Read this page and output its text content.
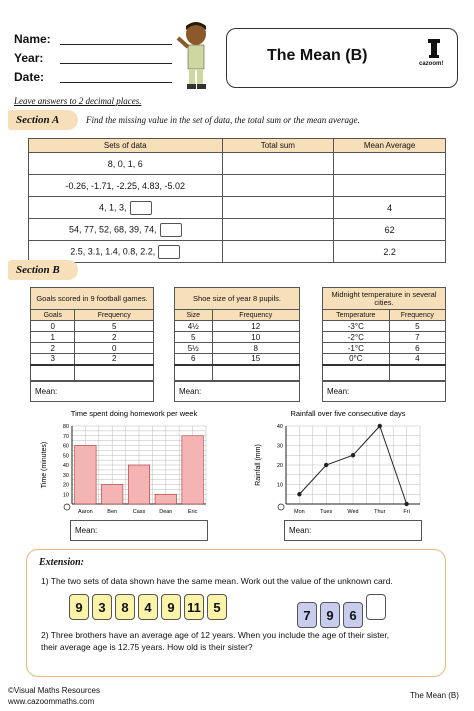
Name:
Year:
Date:
The Mean (B)	cazoom!
Leave answers to 2 decimal places.
Section A	Find the missing value in the set of data, the total sum or the mean average.
Sets of data	Total sum	Mean Average
8, 0, 1, 6		
-0.26, -1.71, -2.25, 4.83, -5.02		
4, 1, 3,		4
54, 77, 52, 68, 39, 74,		62
2.5, 3.1, 1.4, 0.8, 2.2,		2.2
Section B
Goals scored in 9 football games.	
Goals	Frequency
0	5
1	2
2	0
3	2

Shoe size of year 8 pupils.	
Size	Frequency
4½	12
5	10
5½	8
6	15

Midnight temperature in several cities.	
Temperature	Frequency
-3°C	5
-2°C	7
-1°C	6
0°C	4

Mean:	Mean:	Mean:
Time spent doing homework per week
Time (minutes)
10
20
30
40
50
60
70
80
Aaron	Ben	Cass	Dean	Eric
Rainfall over five consecutive days
Rainfall (mm)	10
20
30
40
Mon	Tues	Wed	Thur	Fri
Mean:	Mean:
Extension:
1) The two sets of data shown have the same mean. Work out the value of the unknown card.
9 3 8 4 9 11 5
7 9 6
2) Three brothers have an average age of 12 years. When you include the age of their sister,
their average age is 12.75 years. How old is their sister?
©Visual Maths Resources
www.cazoommaths.com
The Mean (B)
